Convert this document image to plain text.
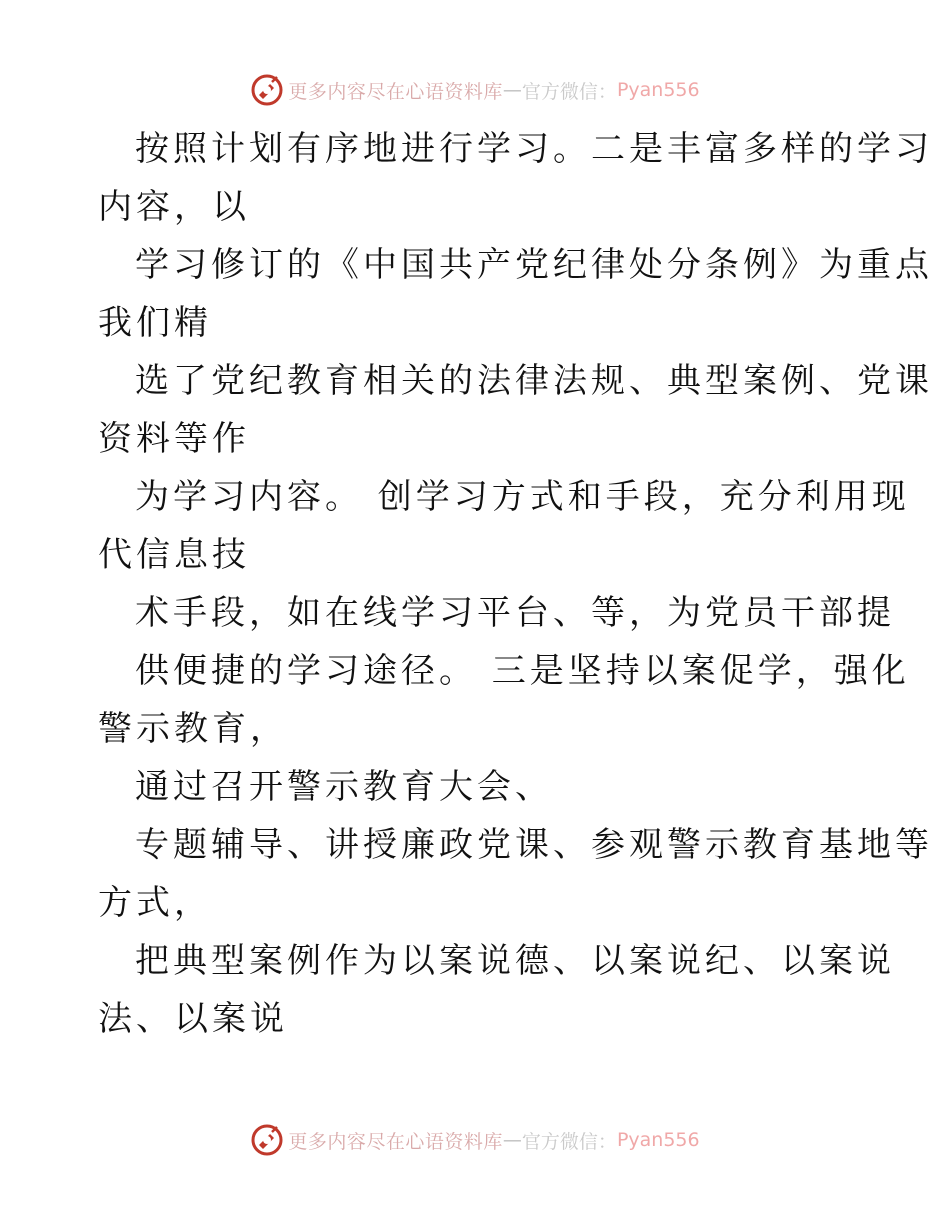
更多内容尽在心语资料库 — 官方微信： Pyan556
按照计划有序地进行学习。二是丰富多样的学习
内容，以
学习修订的《中国共产党纪律处分条例》为重点
我们精
选了党纪教育相关的法律法规、典型案例、党课
资料等作
为学习内容。 创学习方式和手段，充分利用现
代信息技
术手段，如在线学习平台、等，为党员干部提
供便捷的学习途径。 三是坚持以案促学，强化
警示教育，
通过召开警示教育大会、
专题辅导、讲授廉政党课、参观警示教育基地等
方式，
把典型案例作为以案说德、以案说纪、以案说
法、以案说
更多内容尽在心语资料库 — 官方微信： Pyan556
